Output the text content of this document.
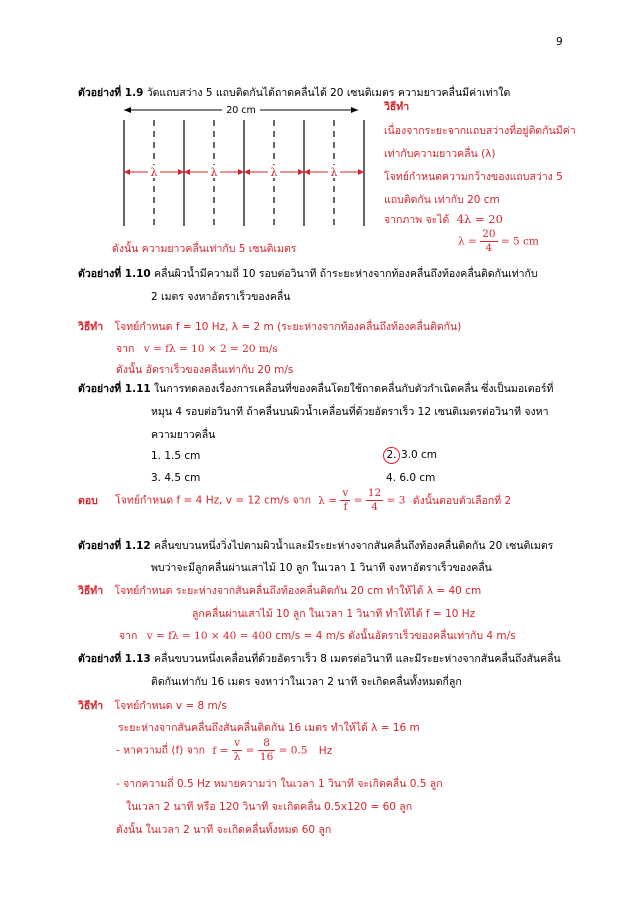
9
ตัวอย่างที่ 1.9 วัดแถบสว่าง 5 แถบติดกันได้ถาดคลื่นได้ 20 เซนติเมตร ความยาวคลื่นมีค่าเท่าใด
20 cm
λ	λ	λ	λ
วิธีทำ
เนื่องจากระยะจากแถบสว่างที่อยู่ติดกันมีค่า
เท่ากับความยาวคลื่น (λ)
โจทย์กำหนดความกว้างของแถบสว่าง 5
แถบติดกัน เท่ากับ 20 cm
จากภาพ จะได้ 4λ = 20
ดังนั้น ความยาวคลื่นเท่ากับ 5 เซนติเมตร
$\lambda = \frac{20}{4} = 5$ cm
ตัวอย่างที่ 1.10 คลื่นผิวน้ำมีความถี่ 10 รอบต่อวินาที ถ้าระยะห่างจากท้องคลื่นถึงท้องคลื่นติดกันเท่ากับ
2 เมตร จงหาอัตราเร็วของคลื่น
วิธีทำ โจทย์กำหนด f = 10 Hz, λ = 2 m (ระยะห่างจากท้องคลื่นถึงท้องคลื่นติดกัน)
จาก v = fλ = 10 × 2 = 20 m/s
ดังนั้น อัตราเร็วของคลื่นเท่ากับ 20 m/s
ตัวอย่างที่ 1.11 ในการทดลองเรื่องการเคลื่อนที่ของคลื่นโดยใช้ถาดคลื่นกับตัวกำเนิดคลื่น ซึ่งเป็นมอเตอร์ที่
หมุน 4 รอบต่อวินาที ถ้าคลื่นบนผิวน้ำเคลื่อนที่ด้วยอัตราเร็ว 12 เซนติเมตรต่อวินาที จงหา
ความยาวคลื่น
1. 1.5 cm	2. 3.0 cm
3. 4.5 cm	4. 6.0 cm
ตอบ โจทย์กำหนด f = 4 Hz, v = 12 cm/s จาก $\lambda = \frac{v}{f} = \frac{12}{4} = 3$ ดังนั้นตอบตัวเลือกที่ 2
ตัวอย่างที่ 1.12 คลื่นขบวนหนึ่งวิ่งไปตามผิวน้ำและมีระยะห่างจากสันคลื่นถึงท้องคลื่นติดกัน 20 เซนติเมตร
พบว่าจะมีลูกคลื่นผ่านเสาไม้ 10 ลูก ในเวลา 1 วินาที จงหาอัตราเร็วของคลื่น
วิธีทำ โจทย์กำหนด ระยะห่างจากสันคลื่นถึงท้องคลื่นติดกัน 20 cm ทำให้ได้ λ = 40 cm
ลูกคลื่นผ่านเสาไม้ 10 ลูก ในเวลา 1 วินาที ทำให้ได้ f = 10 Hz
จาก v = fλ = 10 × 40 = 400 cm/s = 4 m/s ดังนั้นอัตราเร็วของคลื่นเท่ากับ 4 m/s
ตัวอย่างที่ 1.13 คลื่นขบวนหนึ่งเคลื่อนที่ด้วยอัตราเร็ว 8 เมตรต่อวินาที และมีระยะห่างจากสันคลื่นถึงสันคลื่น
ติดกันเท่ากับ 16 เมตร จงหาว่าในเวลา 2 นาที จะเกิดคลื่นทั้งหมดกี่ลูก
วิธีทำ โจทย์กำหนด v = 8 m/s
ระยะห่างจากสันคลื่นถึงสันคลื่นติดกัน 16 เมตร ทำให้ได้ λ = 16 m
- หาความถี่ (f) จาก $f = \frac{v}{\lambda} = \frac{8}{16} = 0.5$ Hz
- จากความถี่ 0.5 Hz หมายความว่า ในเวลา 1 วินาที จะเกิดคลื่น 0.5 ลูก
ในเวลา 2 นาที หรือ 120 วินาที จะเกิดคลื่น 0.5x120 = 60 ลูก
ดังนั้น ในเวลา 2 นาที จะเกิดคลื่นทั้งหมด 60 ลูก
